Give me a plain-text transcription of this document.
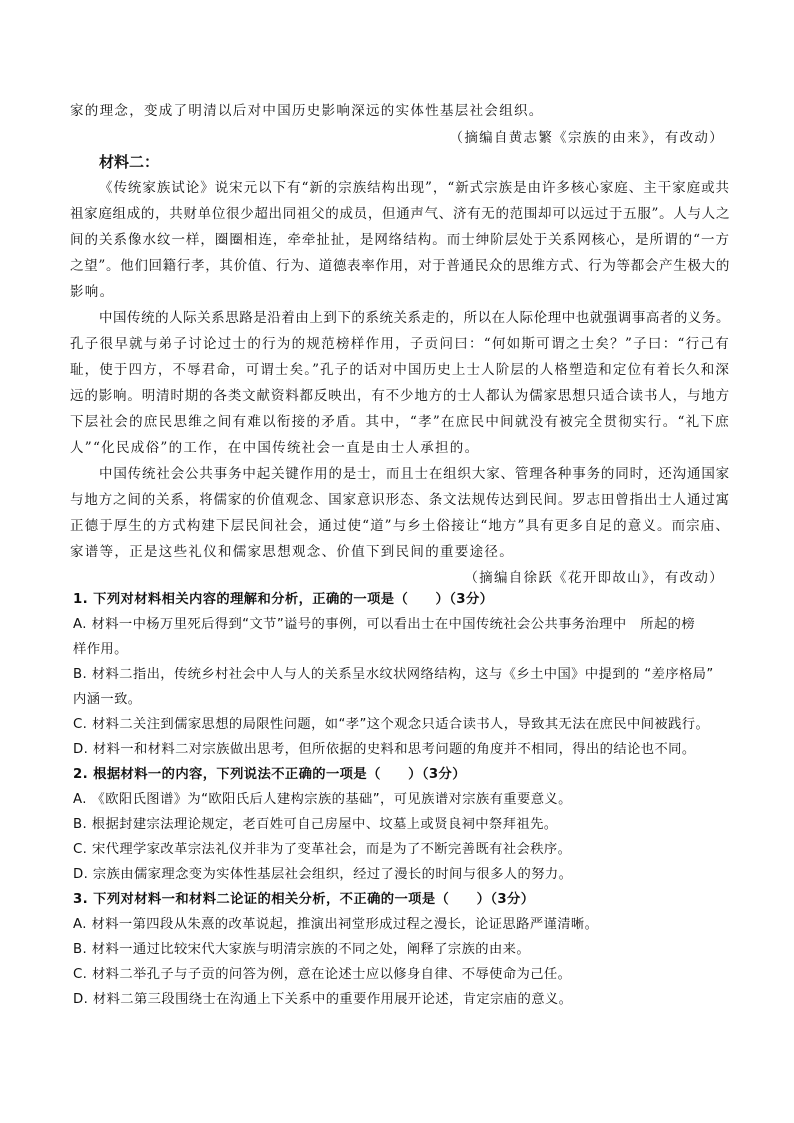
家的理念，变成了明清以后对中国历史影响深远的实体性基层社会组织。
（摘编自黄志繁《宗族的由来》，有改动）
材料二：
《传统家族试论》说宋元以下有“新的宗族结构出现”，“新式宗族是由许多核心家庭、主干家庭或共
祖家庭组成的，共财单位很少超出同祖父的成员，但通声气、济有无的范围却可以远过于五服”。人与人之
间的关系像水纹一样，圈圈相连，牵牵扯扯，是网络结构。而士绅阶层处于关系网核心，是所谓的“一方
之望”。他们回籍行孝，其价值、行为、道德表率作用，对于普通民众的思维方式、行为等都会产生极大的
影响。
中国传统的人际关系思路是沿着由上到下的系统关系走的，所以在人际伦理中也就强调事高者的义务。
孔子很早就与弟子讨论过士的行为的规范榜样作用，子贡问曰：“何如斯可谓之士矣？”子曰：“行己有
耻，使于四方，不辱君命，可谓士矣。”孔子的话对中国历史上士人阶层的人格塑造和定位有着长久和深
远的影响。明清时期的各类文献资料都反映出，有不少地方的士人都认为儒家思想只适合读书人，与地方
下层社会的庶民思维之间有难以衔接的矛盾。其中，“孝”在庶民中间就没有被完全贯彻实行。“礼下庶
人”“化民成俗”的工作，在中国传统社会一直是由士人承担的。
中国传统社会公共事务中起关键作用的是士，而且士在组织大家、管理各种事务的同时，还沟通国家
与地方之间的关系，将儒家的价值观念、国家意识形态、条文法规传达到民间。罗志田曾指出士人通过寓
正德于厚生的方式构建下层民间社会，通过使“道”与乡土俗接让“地方”具有更多自足的意义。而宗庙、
家谱等，正是这些礼仪和儒家思想观念、价值下到民间的重要途径。
（摘编自徐跃《花开即故山》，有改动）
1. 下列对材料相关内容的理解和分析，正确的一项是（　　）（3分）
A. 材料一中杨万里死后得到“文节”谥号的事例，可以看出士在中国传统社会公共事务治理中　所起的榜
样作用。
B. 材料二指出，传统乡村社会中人与人的关系呈水纹状网络结构，这与《乡土中国》中提到的 “差序格局”
内涵一致。
C. 材料二关注到儒家思想的局限性问题，如“孝”这个观念只适合读书人，导致其无法在庶民中间被践行。
D. 材料一和材料二对宗族做出思考，但所依据的史料和思考问题的角度并不相同，得出的结论也不同。
2. 根据材料一的内容，下列说法不正确的一项是（　　）（3分）
A. 《欧阳氏图谱》为“欧阳氏后人建构宗族的基础”，可见族谱对宗族有重要意义。
B. 根据封建宗法理论规定，老百姓可自己房屋中、坟墓上或贤良祠中祭拜祖先。
C. 宋代理学家改革宗法礼仪并非为了变革社会，而是为了不断完善既有社会秩序。
D. 宗族由儒家理念变为实体性基层社会组织，经过了漫长的时间与很多人的努力。
3. 下列对材料一和材料二论证的相关分析，不正确的一项是（　　）（3分）
A. 材料一第四段从朱熹的改革说起，推演出祠堂形成过程之漫长，论证思路严谨清晰。
B. 材料一通过比较宋代大家族与明清宗族的不同之处，阐释了宗族的由来。
C. 材料二举孔子与子贡的问答为例，意在论述士应以修身自律、不辱使命为己任。
D. 材料二第三段围绕士在沟通上下关系中的重要作用展开论述，肯定宗庙的意义。
